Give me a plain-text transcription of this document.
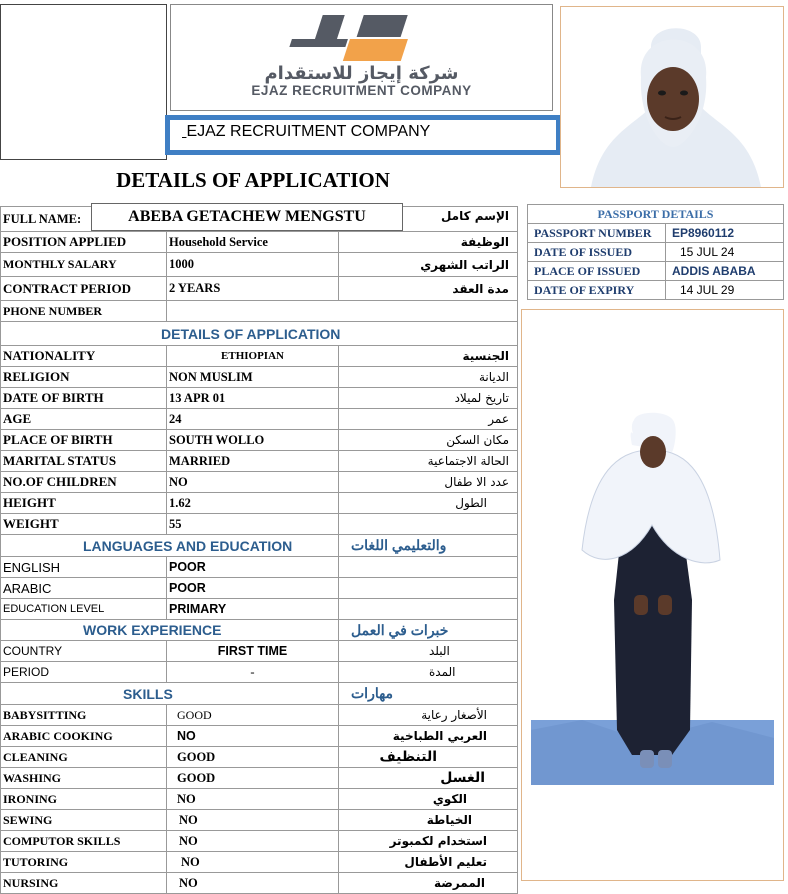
شركة إيجاز للاستقدام
EJAZ RECRUITMENT COMPANY
EJAZ RECRUITMENT COMPANY
DETAILS OF APPLICATION
FULL NAME:	ABEBA GETACHEW MENGSTU الإسم كامل	

POSITION APPLIED	Household Service	الوظيفة
MONTHLY SALARY	1000	الراتب الشهري
CONTRACT PERIOD	2 YEARS	مدة العقد
PHONE NUMBER		
DETAILS OF APPLICATION		
NATIONALITY	ETHIOPIAN	الجنسية
RELIGION	NON MUSLIM	الديانة
DATE OF BIRTH	13 APR 01	تاريخ لميلاد
AGE	24	عمر
PLACE OF BIRTH	SOUTH WOLLO	مكان السكن
MARITAL STATUS	MARRIED	الحالة الاجتماعية
NO.OF CHILDREN	NO	عدد الا طفال
HEIGHT	1.62	الطول
WEIGHT	55	
LANGUAGES AND EDUCATION		والتعليمي اللغات
ENGLISH	POOR	
ARABIC	POOR	
EDUCATION LEVEL	PRIMARY	
WORK EXPERIENCE		خبرات في العمل
COUNTRY	FIRST TIME	البلد
PERIOD	-	المدة
SKILLS		مهارات
BABYSITTING	GOOD	الأصغار رعاية
ARABIC COOKING	NO	العربي الطباخية
CLEANING	GOOD	التنظيف
WASHING	GOOD	الغسل
IRONING	NO	الكوي
SEWING	NO	الخياطة
COMPUTOR SKILLS	NO	استخدام لكمبوتر
TUTORING	NO	تعليم الأطفال
NURSING	NO	الممرضة
PASSPORT DETAILS	
PASSPORT NUMBER	EP8960112
DATE OF ISSUED	15 JUL 24
PLACE OF ISSUED	ADDIS ABABA
DATE OF EXPIRY	14 JUL 29
